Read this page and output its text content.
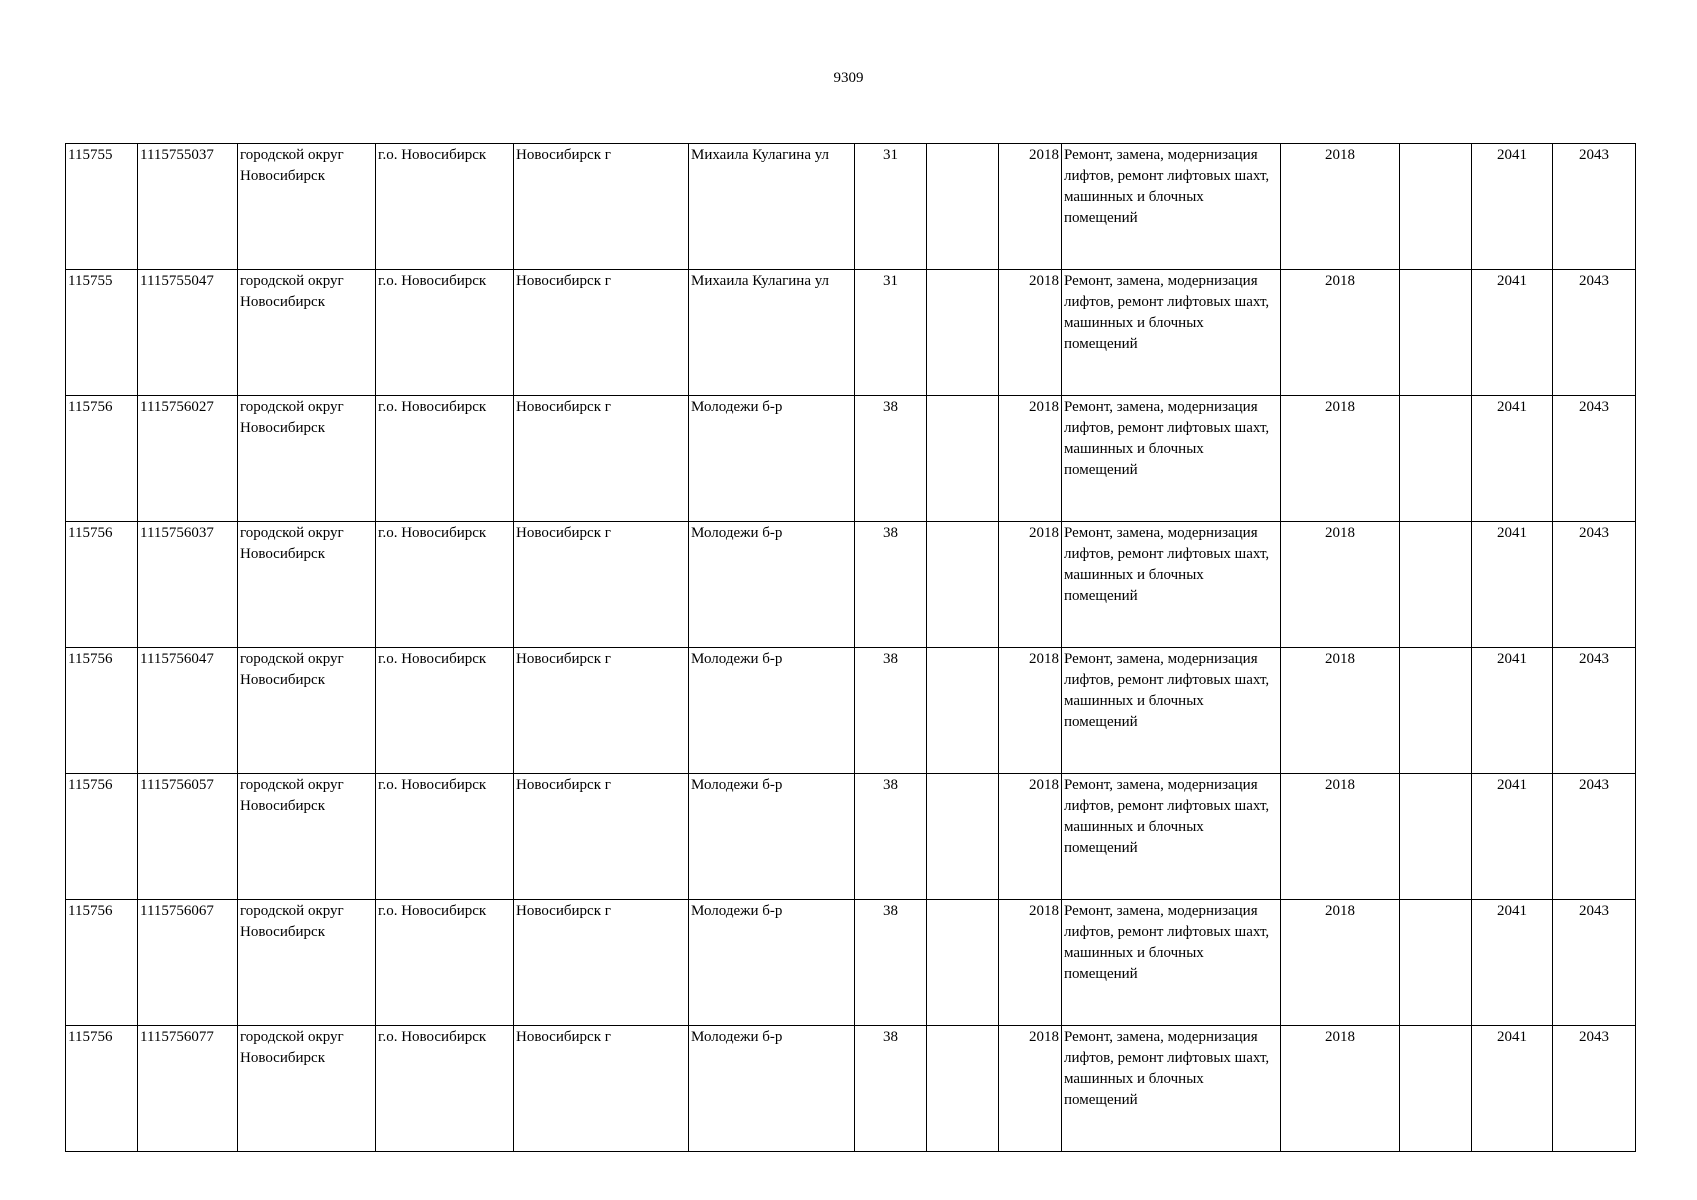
9309
115755	1115755037	городской округ Новосибирск	г.о. Новосибирск	Новосибирск г	Михаила Кулагина ул	31		2018	Ремонт, замена, модернизация лифтов, ремонт лифтовых шахт, машинных и блочных помещений	2018		2041	2043
115755	1115755047	городской округ Новосибирск	г.о. Новосибирск	Новосибирск г	Михаила Кулагина ул	31		2018	Ремонт, замена, модернизация лифтов, ремонт лифтовых шахт, машинных и блочных помещений	2018		2041	2043
115756	1115756027	городской округ Новосибирск	г.о. Новосибирск	Новосибирск г	Молодежи б-р	38		2018	Ремонт, замена, модернизация лифтов, ремонт лифтовых шахт, машинных и блочных помещений	2018		2041	2043
115756	1115756037	городской округ Новосибирск	г.о. Новосибирск	Новосибирск г	Молодежи б-р	38		2018	Ремонт, замена, модернизация лифтов, ремонт лифтовых шахт, машинных и блочных помещений	2018		2041	2043
115756	1115756047	городской округ Новосибирск	г.о. Новосибирск	Новосибирск г	Молодежи б-р	38		2018	Ремонт, замена, модернизация лифтов, ремонт лифтовых шахт, машинных и блочных помещений	2018		2041	2043
115756	1115756057	городской округ Новосибирск	г.о. Новосибирск	Новосибирск г	Молодежи б-р	38		2018	Ремонт, замена, модернизация лифтов, ремонт лифтовых шахт, машинных и блочных помещений	2018		2041	2043
115756	1115756067	городской округ Новосибирск	г.о. Новосибирск	Новосибирск г	Молодежи б-р	38		2018	Ремонт, замена, модернизация лифтов, ремонт лифтовых шахт, машинных и блочных помещений	2018		2041	2043
115756	1115756077	городской округ Новосибирск	г.о. Новосибирск	Новосибирск г	Молодежи б-р	38		2018	Ремонт, замена, модернизация лифтов, ремонт лифтовых шахт, машинных и блочных помещений	2018		2041	2043
